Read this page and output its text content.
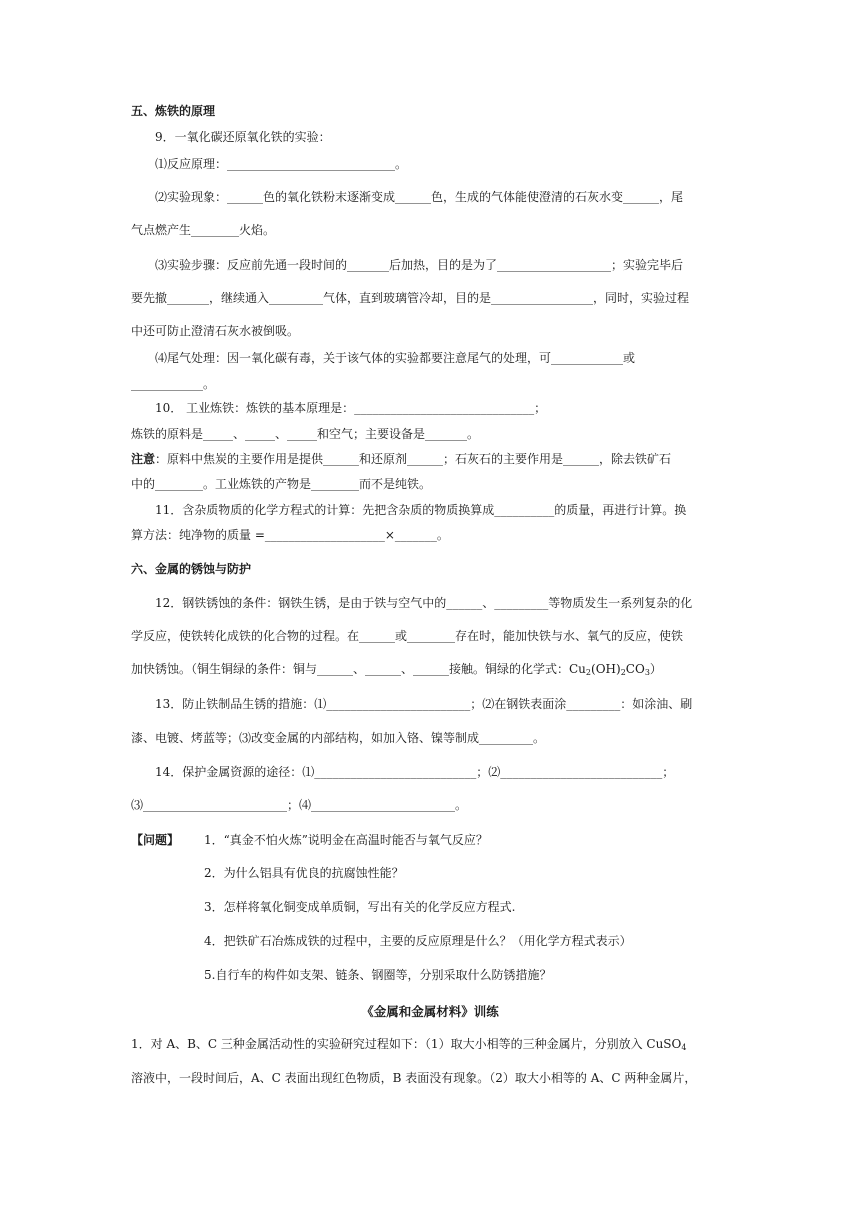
五、炼铁的原理
9．一氧化碳还原氧化铁的实验：
⑴反应原理：____________________________。
⑵实验现象：______色的氧化铁粉末逐渐变成______色，生成的气体能使澄清的石灰水变______，尾
气点燃产生________火焰。
⑶实验步骤：反应前先通一段时间的_______后加热，目的是为了___________________；实验完毕后
要先撤_______，继续通入_________气体，直到玻璃管冷却，目的是_________________，同时，实验过程
中还可防止澄清石灰水被倒吸。
⑷尾气处理：因一氧化碳有毒，关于该气体的实验都要注意尾气的处理，可____________或
____________。
10． 工业炼铁：炼铁的基本原理是：______________________________；
炼铁的原料是_____、_____、_____和空气；主要设备是_______。
注意：原料中焦炭的主要作用是提供______和还原剂______；石灰石的主要作用是______，除去铁矿石
中的________。工业炼铁的产物是________而不是纯铁。
11．含杂质物质的化学方程式的计算：先把含杂质的物质换算成__________的质量，再进行计算。换
算方法：纯净物的质量 =____________________×_______。
六、金属的锈蚀与防护
12．钢铁锈蚀的条件：钢铁生锈，是由于铁与空气中的______、_________等物质发生一系列复杂的化
学反应，使铁转化成铁的化合物的过程。在______或________存在时，能加快铁与水、氧气的反应，使铁
加快锈蚀。（铜生铜绿的条件：铜与______、______、______接触。铜绿的化学式：$Cu_2(OH)_2CO_3$）
13．防止铁制品生锈的措施：⑴________________________；⑵在钢铁表面涂_________：如涂油、刷
漆、电镀、烤蓝等；⑶改变金属的内部结构，如加入铬、镍等制成_________。
14．保护金属资源的途径：⑴___________________________；⑵___________________________；
⑶________________________；⑷________________________。
【问题】 1．“真金不怕火炼”说明金在高温时能否与氧气反应？
2．为什么铝具有优良的抗腐蚀性能？
3．怎样将氧化铜变成单质铜，写出有关的化学反应方程式.
4．把铁矿石冶炼成铁的过程中，主要的反应原理是什么？（用化学方程式表示）
5.自行车的构件如支架、链条、钢圈等，分别采取什么防锈措施？
《金属和金属材料》训练
1．对 A、B、C 三种金属活动性的实验研究过程如下：（1）取大小相等的三种金属片，分别放入 CuSO$_4$
溶液中，一段时间后，A、C 表面出现红色物质，B 表面没有现象。（2）取大小相等的 A、C 两种金属片，
